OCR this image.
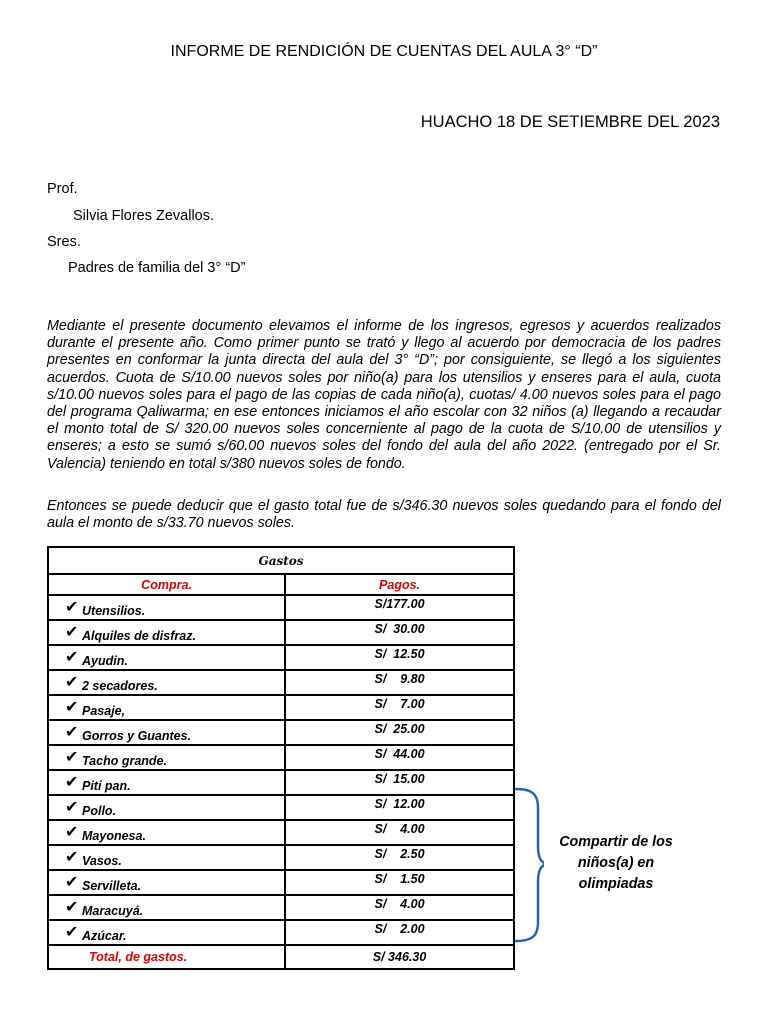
INFORME DE RENDICIÓN DE CUENTAS DEL AULA 3° “D”
HUACHO 18 DE SETIEMBRE DEL 2023
Prof.
Silvia Flores Zevallos.
Sres.
Padres de familia del 3° “D”
Mediante el presente documento elevamos el informe de los ingresos, egresos y acuerdos realizados durante el presente año. Como primer punto se trató y llego al acuerdo por democracia de los padres presentes en conformar la junta directa del aula del 3° “D”; por consiguiente, se llegó a los siguientes acuerdos. Cuota de S/10.00 nuevos soles por niño(a) para los utensilios y enseres para el aula, cuota s/10.00 nuevos soles para el pago de las copias de cada niño(a), cuotas/ 4.00 nuevos soles para el pago del programa Qaliwarma; en ese entonces iniciamos el año escolar con 32 niños (a) llegando a recaudar el monto total de S/ 320.00 nuevos soles concerniente al pago de la cuota de S/10.00 de utensilios y enseres; a esto se sumó s/60.00 nuevos soles del fondo del aula del año 2022. (entregado por el Sr. Valencia) teniendo en total s/380 nuevos soles de fondo.
Entonces se puede deducir que el gasto total fue de s/346.30 nuevos soles quedando para el fondo del aula el monto de s/33.70 nuevos soles.
Gastos	
Compra.	Pagos.
✔ Utensilios.	S/177.00
✔ Alquiles de disfraz.	S/  30.00
✔ Ayudin.	S/  12.50
✔ 2 secadores.	S/    9.80
✔ Pasaje,	S/    7.00
✔ Gorros y Guantes.	S/  25.00
✔ Tacho grande.	S/  44.00
✔ Piti pan.	S/  15.00
✔ Pollo.	S/  12.00
✔ Mayonesa.	S/    4.00
✔ Vasos.	S/    2.50
✔ Servilleta.	S/    1.50
✔ Maracuyá.	S/    4.00
✔ Azúcar.	S/    2.00
Total, de gastos.	S/ 346.30
Compartir de los niños(a) en olimpiadas
